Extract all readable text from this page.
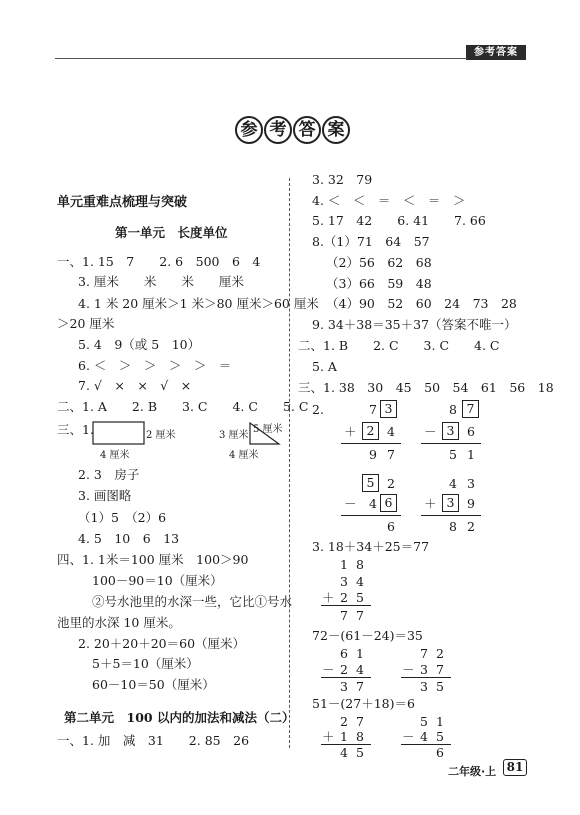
参考答案
参 考 答 案
单元重难点梳理与突破
第一单元　长度单位
一、1. 15　7　　2. 6　500　6　4
3. 厘米　　米　　米　　厘米
4. 1 米 20 厘米＞1 米＞80 厘米＞60 厘米
＞20 厘米
5. 4　9（或 5　10）
6. ＜　＞　＞　＞　＞　＝
7. √　×　×　√　×
二、1. A　　2. B　　3. C　　4. C　　5. C
三、1.	2 厘米
4 厘米
3 厘米
5 厘米
4 厘米
2. 3　房子
3. 画图略
（1）5　（2）6
4. 5　10　6　13
四、1. 1米＝100 厘米　100＞90
100－90＝10（厘米）
②号水池里的水深一些，它比①号水
池里的水深 10 厘米。
2. 20＋20＋20＝60（厘米）
5＋5＝10（厘米）
60－10＝50（厘米）
第二单元　100 以内的加法和减法（二）
一、1. 加　减　31　　2. 85　26
3. 32　79
4. ＜　＜　＝　＜　＝　＞
5. 17　42　　6. 41　　7. 66
8.（1）71　64　57
（2）56　62　68
（3）66　59　48
（4）90　52　60　24　73　28
9. 34＋38＝35＋37（答案不唯一）
二、1. B　　2. C　　3. C　　4. C
5. A
三、1. 38　30　45　50　54　61　56　18
2.	7 3
＋ 2	4
9 7
8 7
－ 3	6
5 1
5	2
－ 4 6
6
4 3
＋ 3	9
8 2
3. 18＋34＋25＝77
1 8
3 4
＋ 2 5
7 7
72－(61－24)＝35
6 1
－ 2 4
3 7
7 2
－ 3 7
3 5
51－(27＋18)＝6
2 7
＋ 1 8
4 5
5 1
－ 4 5
6
二年级·上 81
